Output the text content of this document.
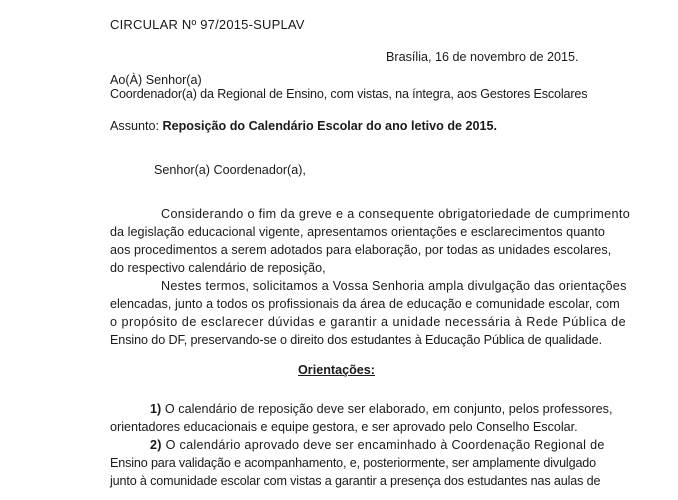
CIRCULAR Nº 97/2015-SUPLAV
Brasília, 16 de novembro de 2015.
Ao(À) Senhor(a)
Coordenador(a) da Regional de Ensino, com vistas, na íntegra, aos Gestores Escolares
Assunto: Reposição do Calendário Escolar do ano letivo de 2015.
Senhor(a) Coordenador(a),
Considerando o fim da greve e a consequente obrigatoriedade de cumprimento
da legislação educacional vigente, apresentamos orientações e esclarecimentos quanto
aos procedimentos a serem adotados para elaboração, por todas as unidades escolares,
do respectivo calendário de reposição,
Nestes termos, solicitamos a Vossa Senhoria ampla divulgação das orientações
elencadas, junto a todos os profissionais da área de educação e comunidade escolar, com
o propósito de esclarecer dúvidas e garantir a unidade necessária à Rede Pública de
Ensino do DF, preservando-se o direito dos estudantes à Educação Pública de qualidade.
Orientações:
1) O calendário de reposição deve ser elaborado, em conjunto, pelos professores,
orientadores educacionais e equipe gestora, e ser aprovado pelo Conselho Escolar.
2) O calendário aprovado deve ser encaminhado à Coordenação Regional de
Ensino para validação e acompanhamento, e, posteriormente, ser amplamente divulgado
junto à comunidade escolar com vistas a garantir a presença dos estudantes nas aulas de
